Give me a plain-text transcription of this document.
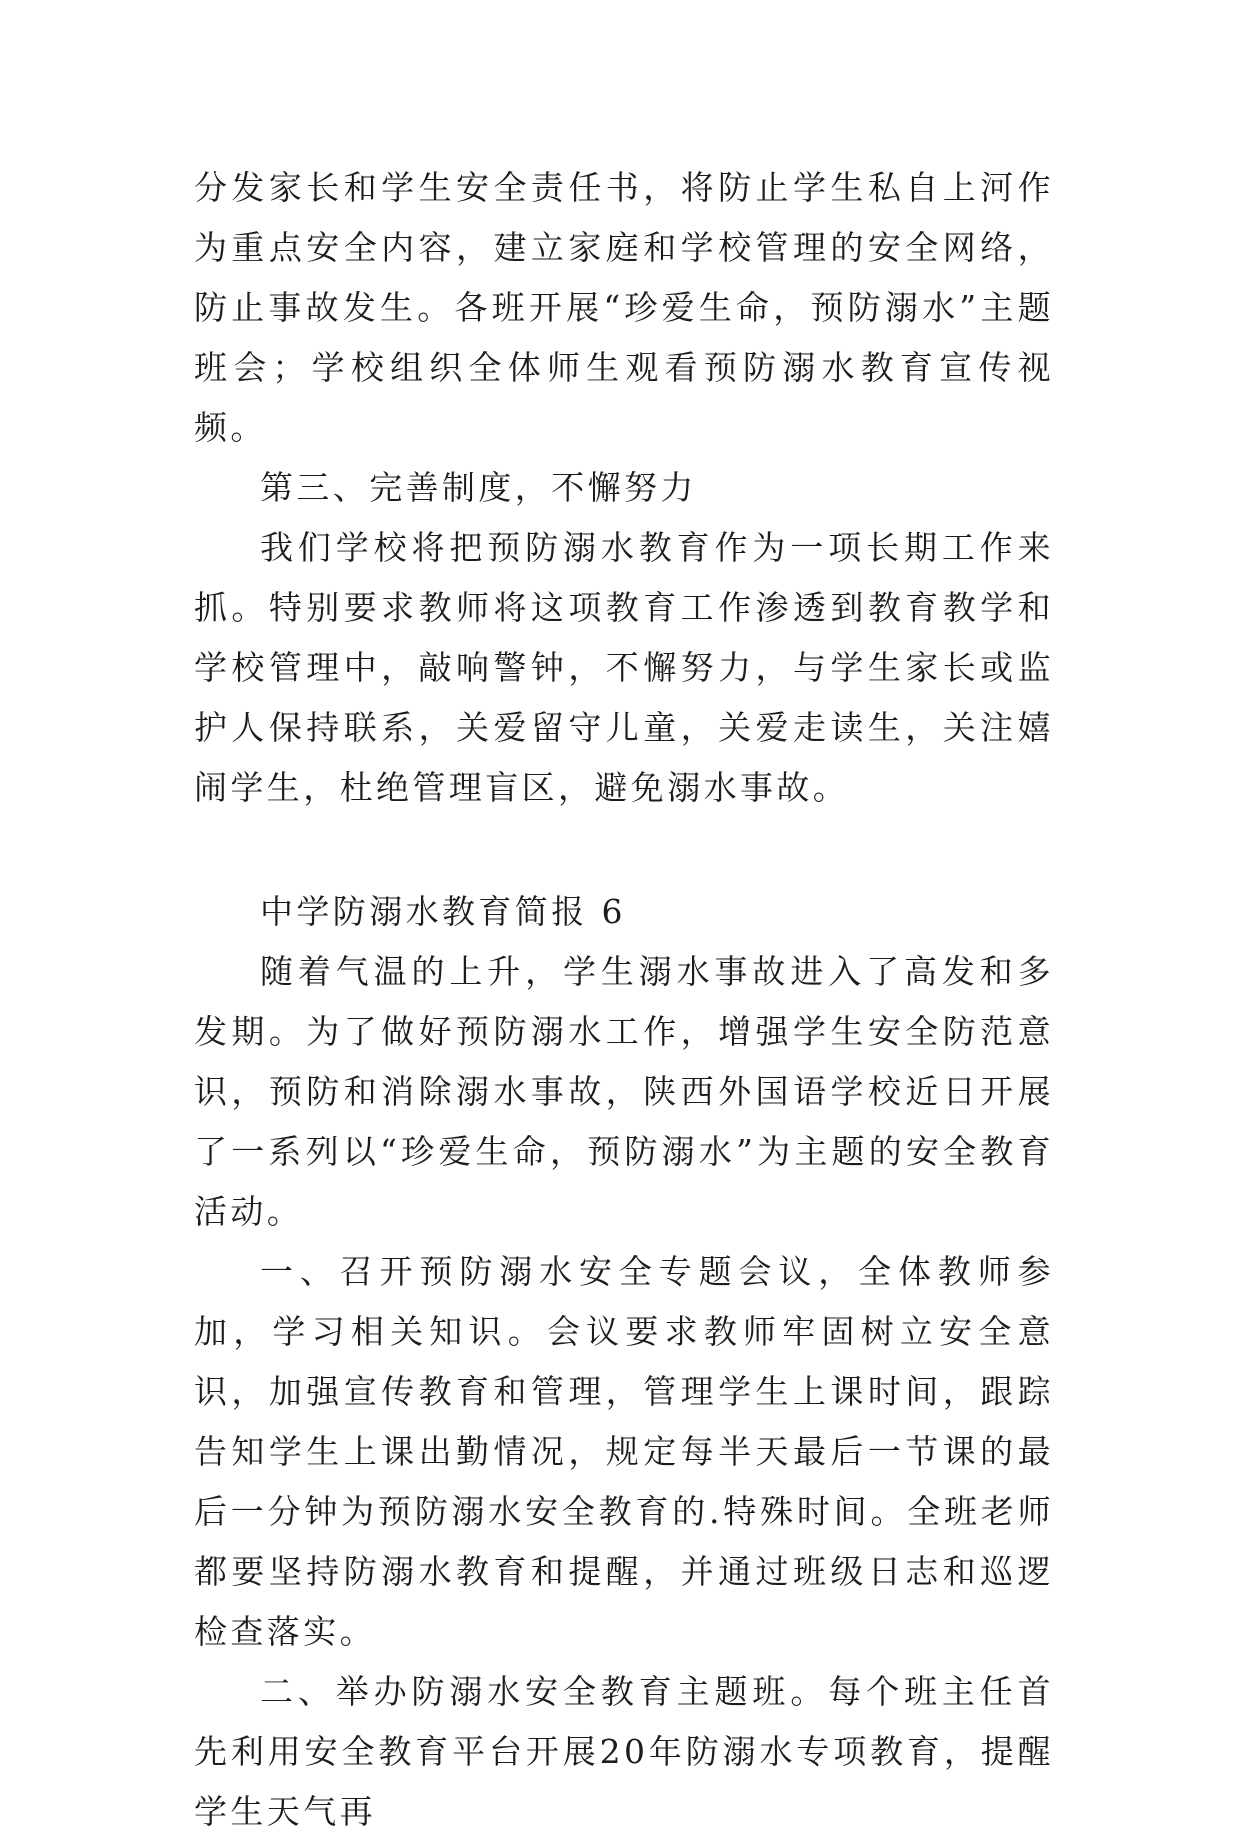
分发家长和学生安全责任书，将防止学生私自上河作为重点安全内容，建立家庭和学校管理的安全网络，防止事故发生。各班开展“珍爱生命，预防溺水”主题班会；学校组织全体师生观看预防溺水教育宣传视频。

第三、完善制度，不懈努力

我们学校将把预防溺水教育作为一项长期工作来抓。特别要求教师将这项教育工作渗透到教育教学和学校管理中，敲响警钟，不懈努力，与学生家长或监护人保持联系，关爱留守儿童，关爱走读生，关注嬉闹学生，杜绝管理盲区，避免溺水事故。

中学防溺水教育简报 6

随着气温的上升，学生溺水事故进入了高发和多发期。为了做好预防溺水工作，增强学生安全防范意识，预防和消除溺水事故，陕西外国语学校近日开展了一系列以“珍爱生命，预防溺水”为主题的安全教育活动。

一、召开预防溺水安全专题会议，全体教师参加，学习相关知识。会议要求教师牢固树立安全意识，加强宣传教育和管理，管理学生上课时间，跟踪告知学生上课出勤情况，规定每半天最后一节课的最后一分钟为预防溺水安全教育的.特殊时间。全班老师都要坚持防溺水教育和提醒，并通过班级日志和巡逻检查落实。

二、举办防溺水安全教育主题班。每个班主任首先利用安全教育平台开展20年防溺水专项教育，提醒学生天气再
